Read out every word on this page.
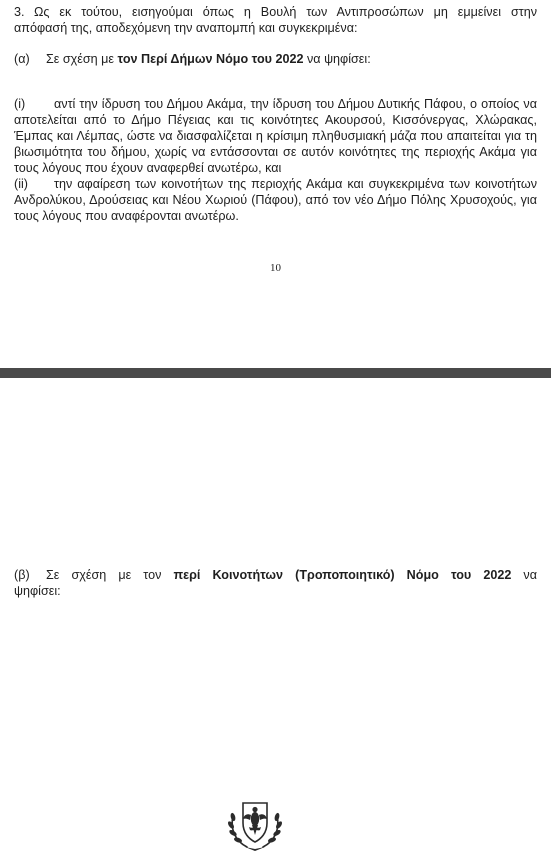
3. Ως εκ τούτου, εισηγούμαι όπως η Βουλή των Αντιπροσώπων μη εμμείνει στην
απόφασή της, αποδεχόμενη την αναπομπή και συγκεκριμένα:
(α) Σε σχέση με τον Περί Δήμων Νόμο του 2022 να ψηφίσει:
(i) αντί την ίδρυση του Δήμου Ακάμα, την ίδρυση του Δήμου Δυτικής Πάφου, ο οποίος να αποτελείται από το Δήμο Πέγειας και τις κοινότητες Ακουρσού, Κισσόνεργας, Χλώρακας, Έμπας και Λέμπας, ώστε να διασφαλίζεται η κρίσιμη πληθυσμιακή μάζα που απαιτείται για τη βιωσιμότητα του δήμου, χωρίς να εντάσσονται σε αυτόν κοινότητες της περιοχής Ακάμα για τους λόγους που έχουν αναφερθεί ανωτέρω, και
(ii) την αφαίρεση των κοινοτήτων της περιοχής Ακάμα και συγκεκριμένα των κοινοτήτων Ανδρολύκου, Δρούσειας και Νέου Χωριού (Πάφου), από τον νέο Δήμο Πόλης Χρυσοχούς, για τους λόγους που αναφέρονται ανωτέρω.
10
(β) Σε σχέση με τον περί Κοινοτήτων (Τροποποιητικό) Νόμο του 2022 να
ψηφίσει:
